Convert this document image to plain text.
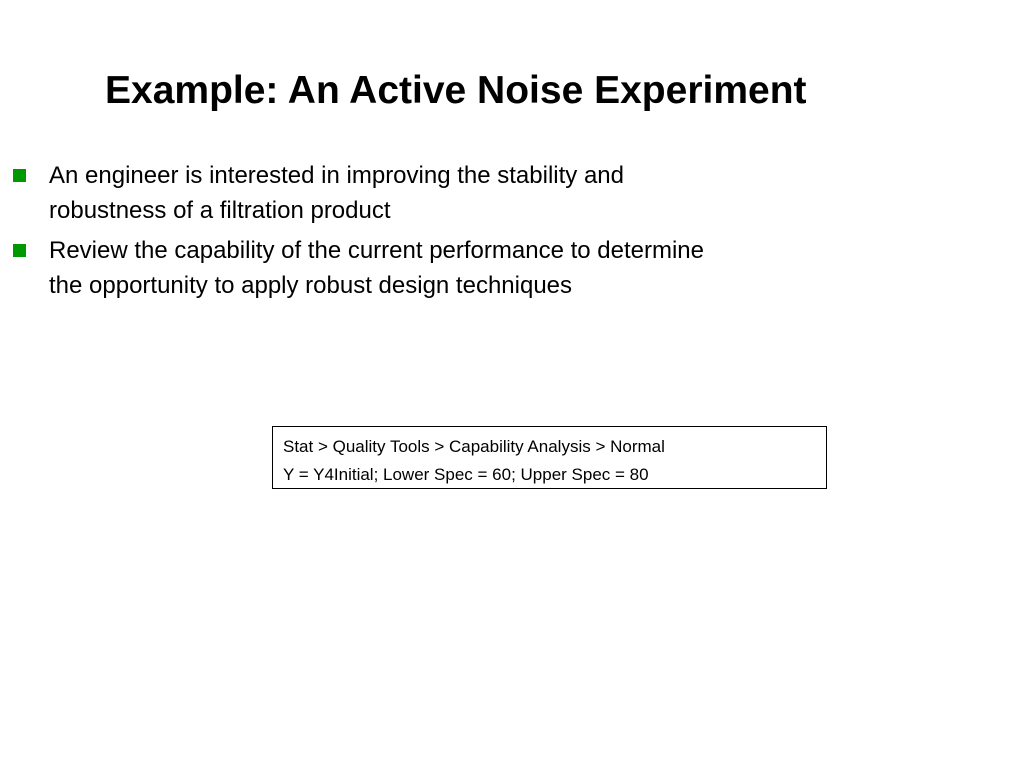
Example: An Active Noise Experiment
An engineer is interested in improving the stability and
robustness of a filtration product
Review the capability of the current performance to determine
the opportunity to apply robust design techniques
Stat > Quality Tools > Capability Analysis > Normal
Y = Y4Initial; Lower Spec = 60; Upper Spec = 80
